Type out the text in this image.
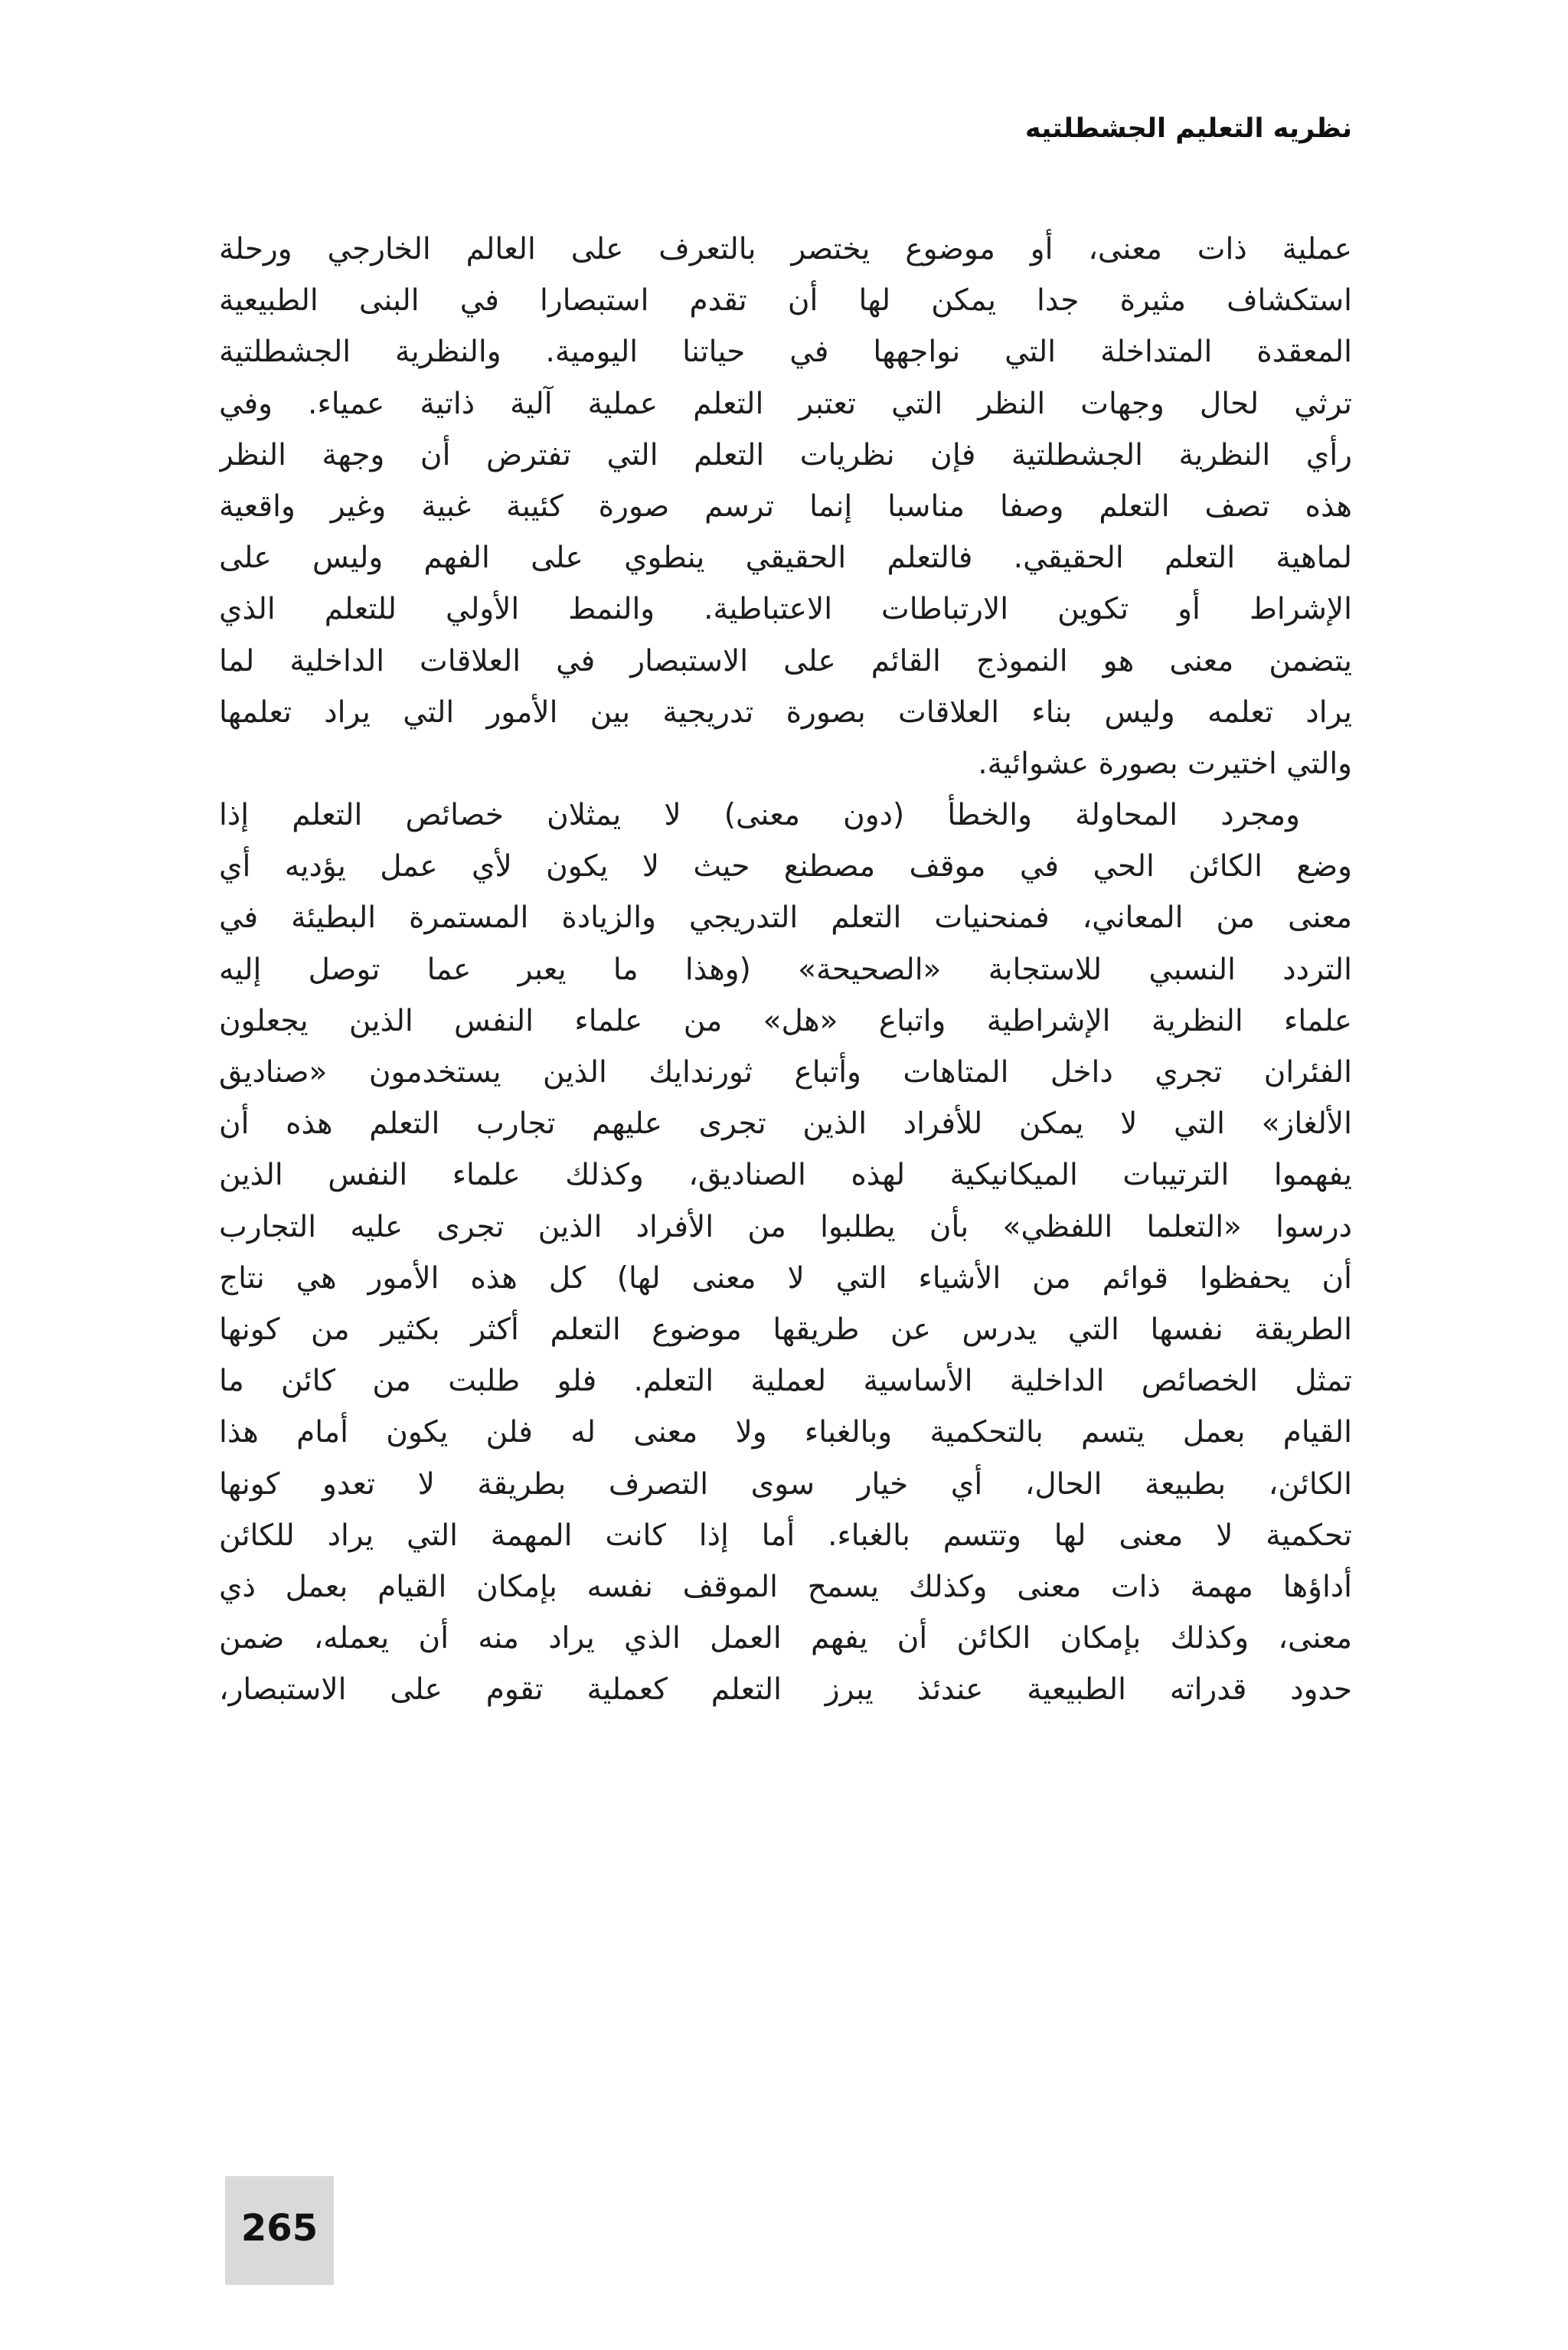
نظريه التعليم الجشطلتيه
عملية ذات معنى، أو موضوع يختصر بالتعرف على العالم الخارجي ورحلة
استكشاف مثيرة جدا يمكن لها أن تقدم استبصارا في البنى الطبيعية
المعقدة المتداخلة التي نواجهها في حياتنا اليومية. والنظرية الجشطلتية
ترثي لحال وجهات النظر التي تعتبر التعلم عملية آلية ذاتية عمياء. وفي
رأي النظرية الجشطلتية فإن نظريات التعلم التي تفترض أن وجهة النظر
هذه تصف التعلم وصفا مناسبا إنما ترسم صورة كئيبة غبية وغير واقعية
لماهية التعلم الحقيقي. فالتعلم الحقيقي ينطوي على الفهم وليس على
الإشراط أو تكوين الارتباطات الاعتباطية. والنمط الأولي للتعلم الذي
يتضمن معنى هو النموذج القائم على الاستبصار في العلاقات الداخلية لما
يراد تعلمه وليس بناء العلاقات بصورة تدريجية بين الأمور التي يراد تعلمها
والتي اختيرت بصورة عشوائية.
ومجرد المحاولة والخطأ (دون معنى) لا يمثلان خصائص التعلم إذا
وضع الكائن الحي في موقف مصطنع حيث لا يكون لأي عمل يؤديه أي
معنى من المعاني، فمنحنيات التعلم التدريجي والزيادة المستمرة البطيئة في
التردد النسبي للاستجابة «الصحيحة» (وهذا ما يعبر عما توصل إليه
علماء النظرية الإشراطية واتباع «هل» من علماء النفس الذين يجعلون
الفئران تجري داخل المتاهات وأتباع ثورندايك الذين يستخدمون «صناديق
الألغاز» التي لا يمكن للأفراد الذين تجرى عليهم تجارب التعلم هذه أن
يفهموا الترتيبات الميكانيكية لهذه الصناديق، وكذلك علماء النفس الذين
درسوا «التعلما اللفظي» بأن يطلبوا من الأفراد الذين تجرى عليه التجارب
أن يحفظوا قوائم من الأشياء التي لا معنى لها) كل هذه الأمور هي نتاج
الطريقة نفسها التي يدرس عن طريقها موضوع التعلم أكثر بكثير من كونها
تمثل الخصائص الداخلية الأساسية لعملية التعلم. فلو طلبت من كائن ما
القيام بعمل يتسم بالتحكمية وبالغباء ولا معنى له فلن يكون أمام هذا
الكائن، بطبيعة الحال، أي خيار سوى التصرف بطريقة لا تعدو كونها
تحكمية لا معنى لها وتتسم بالغباء. أما إذا كانت المهمة التي يراد للكائن
أداؤها مهمة ذات معنى وكذلك يسمح الموقف نفسه بإمكان القيام بعمل ذي
معنى، وكذلك بإمكان الكائن أن يفهم العمل الذي يراد منه أن يعمله، ضمن
حدود قدراته الطبيعية عندئذ يبرز التعلم كعملية تقوم على الاستبصار،
265
